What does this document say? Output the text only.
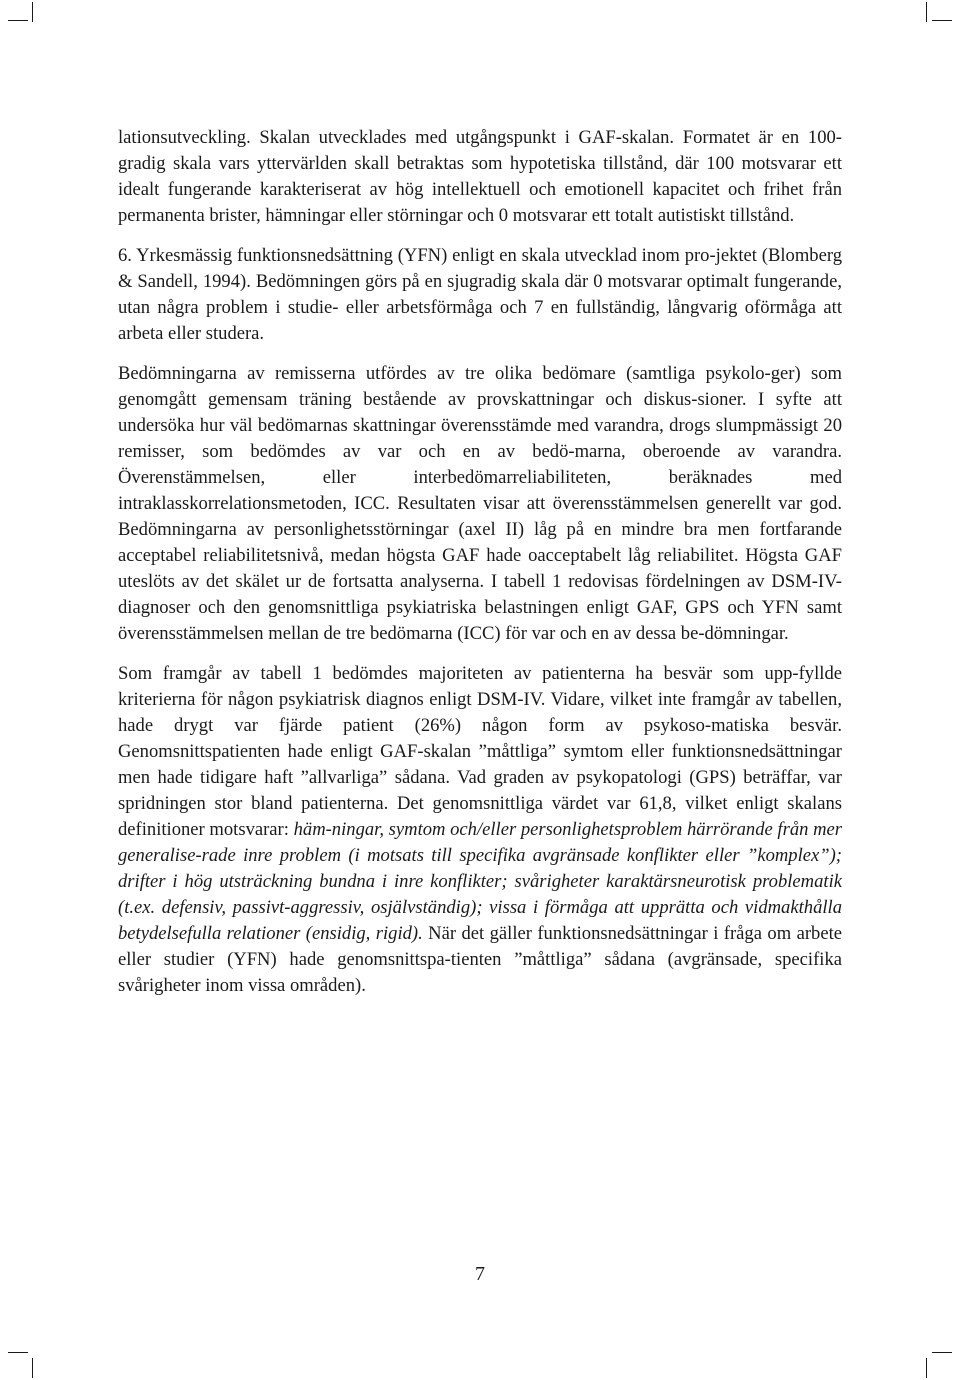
lationsutveckling. Skalan utvecklades med utgångspunkt i GAF-skalan. Formatet är en 100-gradig skala vars yttervärlden skall betraktas som hypotetiska tillstånd, där 100 motsvarar ett idealt fungerande karakteriserat av hög intellektuell och emotionell kapacitet och frihet från permanenta brister, hämningar eller störningar och 0 motsvarar ett totalt autistiskt tillstånd.

6. Yrkesmässig funktionsnedsättning (YFN) enligt en skala utvecklad inom pro-jektet (Blomberg & Sandell, 1994). Bedömningen görs på en sjugradig skala där 0 motsvarar optimalt fungerande, utan några problem i studie- eller arbetsförmåga och 7 en fullständig, långvarig oförmåga att arbeta eller studera.

Bedömningarna av remisserna utfördes av tre olika bedömare (samtliga psykolo-ger) som genomgått gemensam träning bestående av provskattningar och diskus-sioner. I syfte att undersöka hur väl bedömarnas skattningar överensstämde med varandra, drogs slumpmässigt 20 remisser, som bedömdes av var och en av bedö-marna, oberoende av varandra. Överenstämmelsen, eller interbedömarreliabiliteten, beräknades med intraklasskorrelationsmetoden, ICC. Resultaten visar att överensstämmelsen generellt var god. Bedömningarna av personlighetsstörningar (axel II) låg på en mindre bra men fortfarande acceptabel reliabilitetsnivå, medan högsta GAF hade oacceptabelt låg reliabilitet. Högsta GAF uteslöts av det skälet ur de fortsatta analyserna. I tabell 1 redovisas fördelningen av DSM-IV-diagnoser och den genomsnittliga psykiatriska belastningen enligt GAF, GPS och YFN samt överensstämmelsen mellan de tre bedömarna (ICC) för var och en av dessa be-dömningar.

Som framgår av tabell 1 bedömdes majoriteten av patienterna ha besvär som upp-fyllde kriterierna för någon psykiatrisk diagnos enligt DSM-IV. Vidare, vilket inte framgår av tabellen, hade drygt var fjärde patient (26%) någon form av psykoso-matiska besvär. Genomsnittspatienten hade enligt GAF-skalan ”måttliga” symtom eller funktionsnedsättningar men hade tidigare haft ”allvarliga” sådana. Vad graden av psykopatologi (GPS) beträffar, var spridningen stor bland patienterna. Det genomsnittliga värdet var 61,8, vilket enligt skalans definitioner motsvarar: häm-ningar, symtom och/eller personlighetsproblem härrörande från mer generalise-rade inre problem (i motsats till specifika avgränsade konflikter eller ”komplex”); drifter i hög utsträckning bundna i inre konflikter; svårigheter karaktärsneurotisk problematik (t.ex. defensiv, passivt-aggressiv, osjälvständig); vissa i förmåga att upprätta och vidmakthålla betydelsefulla relationer (ensidig, rigid). När det gäller funktionsnedsättningar i fråga om arbete eller studier (YFN) hade genomsnittspa-tienten ”måttliga” sådana (avgränsade, specifika svårigheter inom vissa områden).

7
